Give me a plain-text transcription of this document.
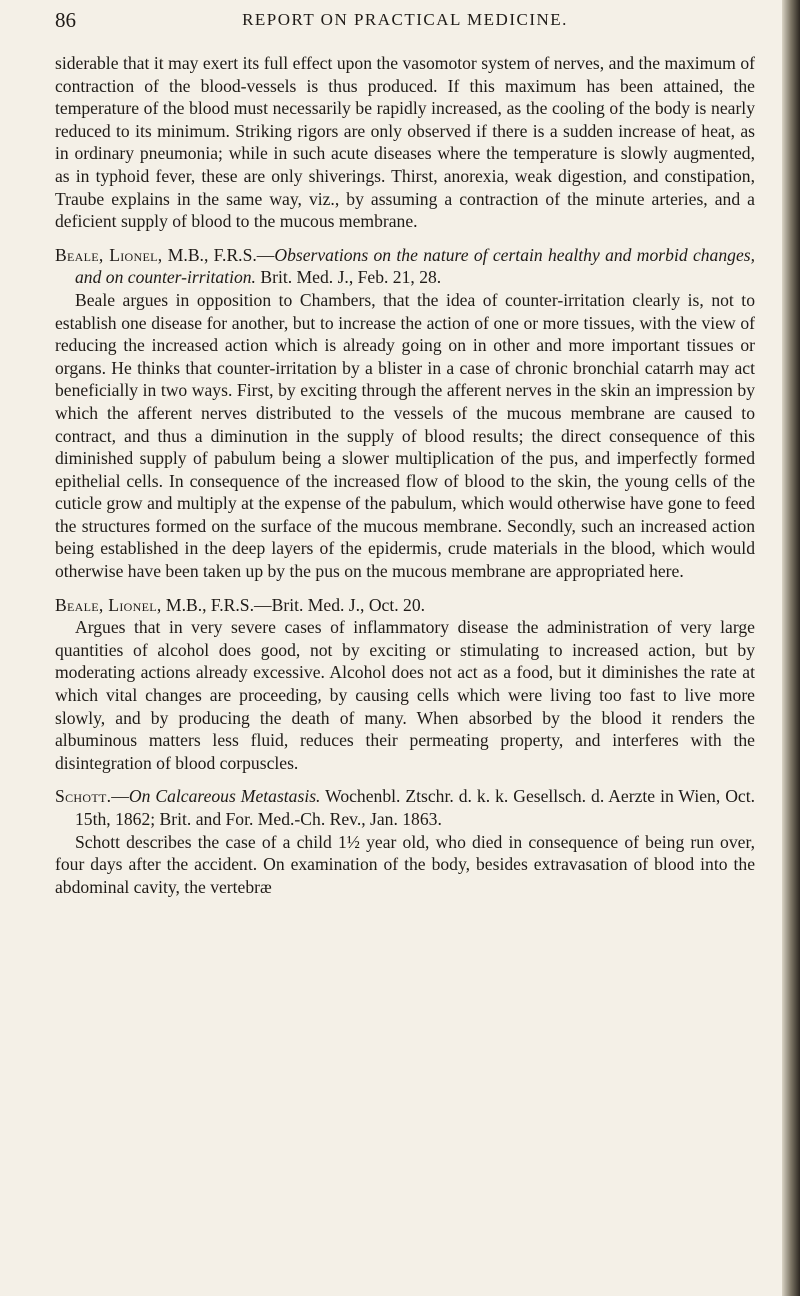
86	REPORT ON PRACTICAL MEDICINE.

siderable that it may exert its full effect upon the vasomotor system of nerves, and the maximum of contraction of the blood-vessels is thus produced. If this maximum has been attained, the temperature of the blood must necessarily be rapidly increased, as the cooling of the body is nearly reduced to its minimum. Striking rigors are only observed if there is a sudden increase of heat, as in ordinary pneumonia; while in such acute diseases where the temperature is slowly augmented, as in typhoid fever, these are only shiverings. Thirst, anorexia, weak digestion, and constipation, Traube explains in the same way, viz., by assuming a contraction of the minute arteries, and a deficient supply of blood to the mucous membrane.

Beale, Lionel, M.B., F.R.S.—Observations on the nature of certain healthy and morbid changes, and on counter-irritation. Brit. Med. J., Feb. 21, 28.

Beale argues in opposition to Chambers, that the idea of counter-irritation clearly is, not to establish one disease for another, but to increase the action of one or more tissues, with the view of reducing the increased action which is already going on in other and more important tissues or organs. He thinks that counter-irritation by a blister in a case of chronic bronchial catarrh may act beneficially in two ways. First, by exciting through the afferent nerves in the skin an impression by which the afferent nerves distributed to the vessels of the mucous membrane are caused to contract, and thus a diminution in the supply of blood results; the direct consequence of this diminished supply of pabulum being a slower multiplication of the pus, and imperfectly formed epithelial cells. In consequence of the increased flow of blood to the skin, the young cells of the cuticle grow and multiply at the expense of the pabulum, which would otherwise have gone to feed the structures formed on the surface of the mucous membrane. Secondly, such an increased action being established in the deep layers of the epidermis, crude materials in the blood, which would otherwise have been taken up by the pus on the mucous membrane are appropriated here.

Beale, Lionel, M.B., F.R.S.—Brit. Med. J., Oct. 20.

Argues that in very severe cases of inflammatory disease the administration of very large quantities of alcohol does good, not by exciting or stimulating to increased action, but by moderating actions already excessive. Alcohol does not act as a food, but it diminishes the rate at which vital changes are proceeding, by causing cells which were living too fast to live more slowly, and by producing the death of many. When absorbed by the blood it renders the albuminous matters less fluid, reduces their permeating property, and interferes with the disintegration of blood corpuscles.

Schott.—On Calcareous Metastasis. Wochenbl. Ztschr. d. k. k. Gesellsch. d. Aerzte in Wien, Oct. 15th, 1862; Brit. and For. Med.-Ch. Rev., Jan. 1863.

Schott describes the case of a child 1½ year old, who died in consequence of being run over, four days after the accident. On examination of the body, besides extravasation of blood into the abdominal cavity, the vertebræ
